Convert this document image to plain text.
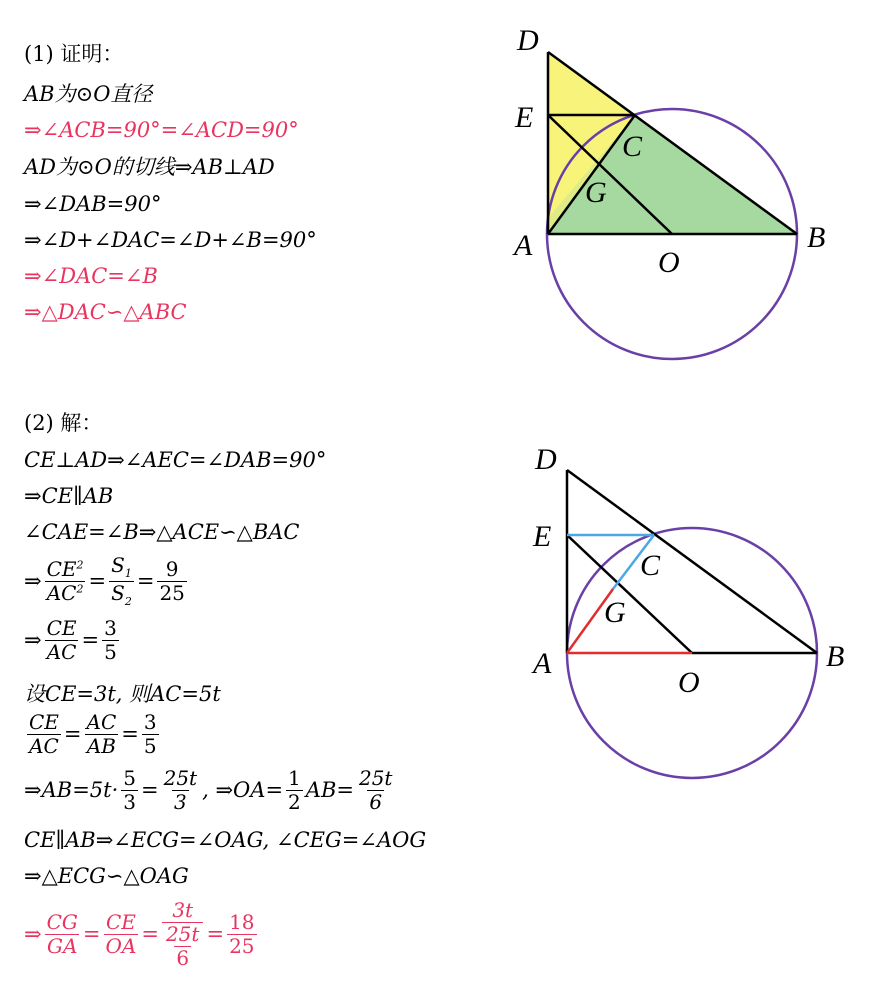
(1) 证明：
AB为⊙O直径
⇒∠ACB=90°=∠ACD=90°
AD为⊙O的切线⇒AB⊥AD
⇒∠DAB=90°
⇒∠D+∠DAC=∠D+∠B=90°
⇒∠DAC=∠B
⇒△DAC∽△ABC
(2) 解：
CE⊥AD⇒∠AEC=∠DAB=90°
⇒CE∥AB
∠CAE=∠B⇒△ACE∽△BAC
⇒ $\frac{CE^2}{AC^2} = \frac{S_1}{S_2} = \frac{9}{25}$
⇒ $\frac{CE}{AC} = \frac{3}{5}$
设CE=3t, 则AC=5t
$\frac{CE}{AC} = \frac{AC}{AB} = \frac{3}{5}$
⇒AB=5t· $\frac{5}{3} = \frac{25t}{3}$ , ⇒OA= $\frac{1}{2} AB= \frac{25t}{6}$
CE∥AB⇒∠ECG=∠OAG, ∠CEG=∠AOG
⇒△ECG∽△OAG
⇒ $\frac{CG}{GA} = \frac{CE}{OA} = \frac{3t}{\frac{25t}{6}} = \frac{18}{25}$
D
E
C
G
A
O
B
D
E
C
G
A
O
B
